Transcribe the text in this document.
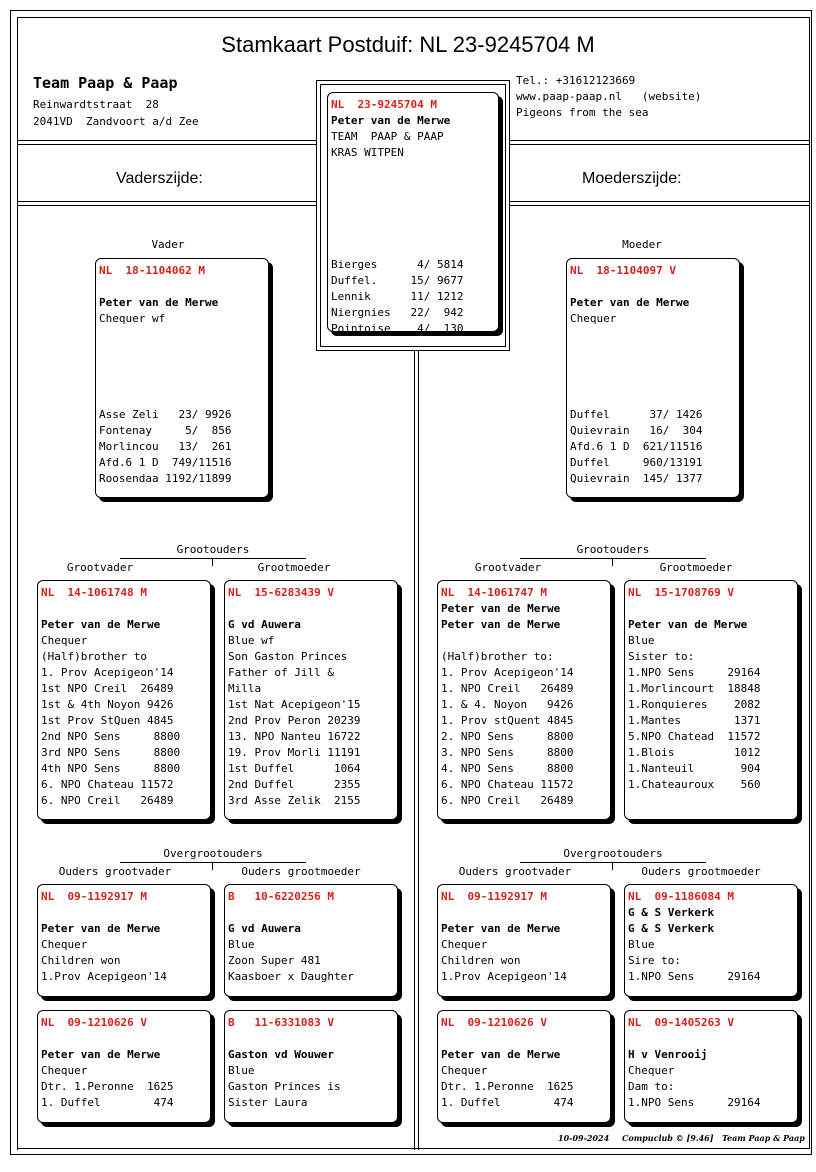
Stamkaart Postduif: NL 23-9245704 M
Team Paap & Paap
Reinwardtstraat  28
2041VD  Zandvoort a/d Zee
Tel.: +31612123669
www.paap-paap.nl   (website)
Pigeons from the sea
Vaderszijde:	Moederszijde:
NL  23-9245704 M
Peter van de Merwe
TEAM  PAAP & PAAP
KRAS WITPEN
Bierges      4/ 5814
Duffel.     15/ 9677
Lennik      11/ 1212
Niergnies   22/  942
Pointoise    4/  130
Vader	Moeder
NL  18-1104062 M
Peter van de Merwe
Chequer wf
Asse Zeli   23/ 9926
Fontenay     5/  856
Morlincou   13/  261
Afd.6 1 D  749/11516
Roosendaa 1192/11899
NL  18-1104097 V
Peter van de Merwe
Chequer
Duffel      37/ 1426
Quievrain   16/  304
Afd.6 1 D  621/11516
Duffel     960/13191
Quievrain  145/ 1377
Grootouders
Grootvader	Grootmoeder
Grootouders
Grootvader	Grootmoeder
NL  14-1061748 M
Peter van de Merwe
Chequer
(Half)brother to
1. Prov Acepigeon'14
1st NPO Creil  26489
1st & 4th Noyon 9426
1st Prov StQuen 4845
2nd NPO Sens     8800
3rd NPO Sens     8800
4th NPO Sens     8800
6. NPO Chateau 11572
6. NPO Creil   26489
NL  15-6283439 V
G vd Auwera
Blue wf
Son Gaston Princes
Father of Jill &
Milla
1st Nat Acepigeon'15
2nd Prov Peron 20239
13. NPO Nanteu 16722
19. Prov Morli 11191
1st Duffel      1064
2nd Duffel      2355
3rd Asse Zelik  2155
NL  14-1061747 M
Peter van de Merwe
Peter van de Merwe
(Half)brother to:
1. Prov Acepigeon'14
1. NPO Creil   26489
1. & 4. Noyon   9426
1. Prov stQuent 4845
2. NPO Sens     8800
3. NPO Sens     8800
4. NPO Sens     8800
6. NPO Chateau 11572
6. NPO Creil   26489
NL  15-1708769 V
Peter van de Merwe
Blue
Sister to:
1.NPO Sens     29164
1.Morlincourt  18848
1.Ronquieres    2082
1.Mantes        1371
5.NPO Chatead  11572
1.Blois         1012
1.Nanteuil       904
1.Chateauroux    560
Overgrootouders
Ouders grootvader	Ouders grootmoeder
Overgrootouders
Ouders grootvader	Ouders grootmoeder
NL  09-1192917 M
Peter van de Merwe
Chequer
Children won
1.Prov Acepigeon'14
B   10-6220256 M
G vd Auwera
Blue
Zoon Super 481
Kaasboer x Daughter
NL  09-1192917 M
Peter van de Merwe
Chequer
Children won
1.Prov Acepigeon'14
NL  09-1186084 M
G & S Verkerk
G & S Verkerk
Blue
Sire to:
1.NPO Sens     29164
NL  09-1210626 V
Peter van de Merwe
Chequer
Dtr. 1.Peronne  1625
1. Duffel        474
B   11-6331083 V
Gaston vd Wouwer
Blue
Gaston Princes is
Sister Laura
NL  09-1210626 V
Peter van de Merwe
Chequer
Dtr. 1.Peronne  1625
1. Duffel        474
NL  09-1405263 V
H v Venrooij
Chequer
Dam to:
1.NPO Sens     29164
10-09-2024 Compuclub © [9.46] Team Paap & Paap
